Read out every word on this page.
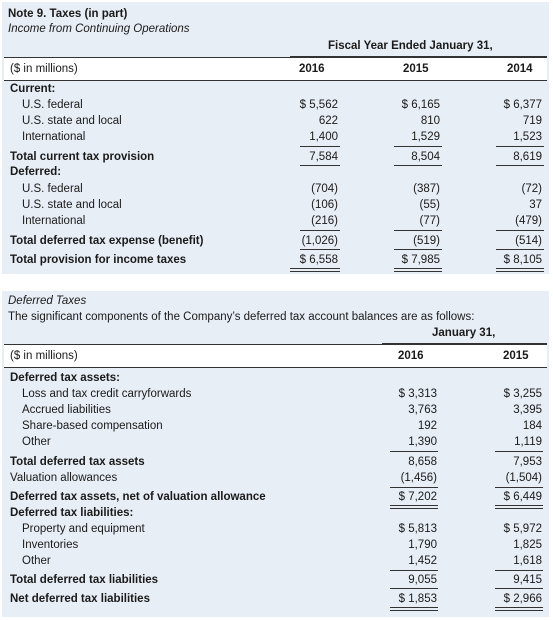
Note 9. Taxes (in part)
Income from Continuing Operations
Fiscal Year Ended January 31,
($ in millions)	2016	2015	2014
Current:
U.S. federal	$ 5,562	$ 6,165	$ 6,377
U.S. state and local	622	810	719
International	1,400	1,529	1,523
Total current tax provision	7,584	8,504	8,619
Deferred:
U.S. federal	(704)	(387)	(72)
U.S. state and local	(106)	(55)	37
International	(216)	(77)	(479)
Total deferred tax expense (benefit)	(1,026)	(519)	(514)
Total provision for income taxes	$ 6,558	$ 7,985	$ 8,105
Deferred Taxes
The significant components of the Company’s deferred tax account balances are as follows:
January 31,
($ in millions)	2016	2015
Deferred tax assets:
Loss and tax credit carryforwards	$ 3,313	$ 3,255
Accrued liabilities	3,763	3,395
Share-based compensation	192	184
Other	1,390	1,119
Total deferred tax assets	8,658	7,953
Valuation allowances	(1,456)	(1,504)
Deferred tax assets, net of valuation allowance	$ 7,202	$ 6,449
Deferred tax liabilities:
Property and equipment	$ 5,813	$ 5,972
Inventories	1,790	1,825
Other	1,452	1,618
Total deferred tax liabilities	9,055	9,415
Net deferred tax liabilities	$ 1,853	$ 2,966
